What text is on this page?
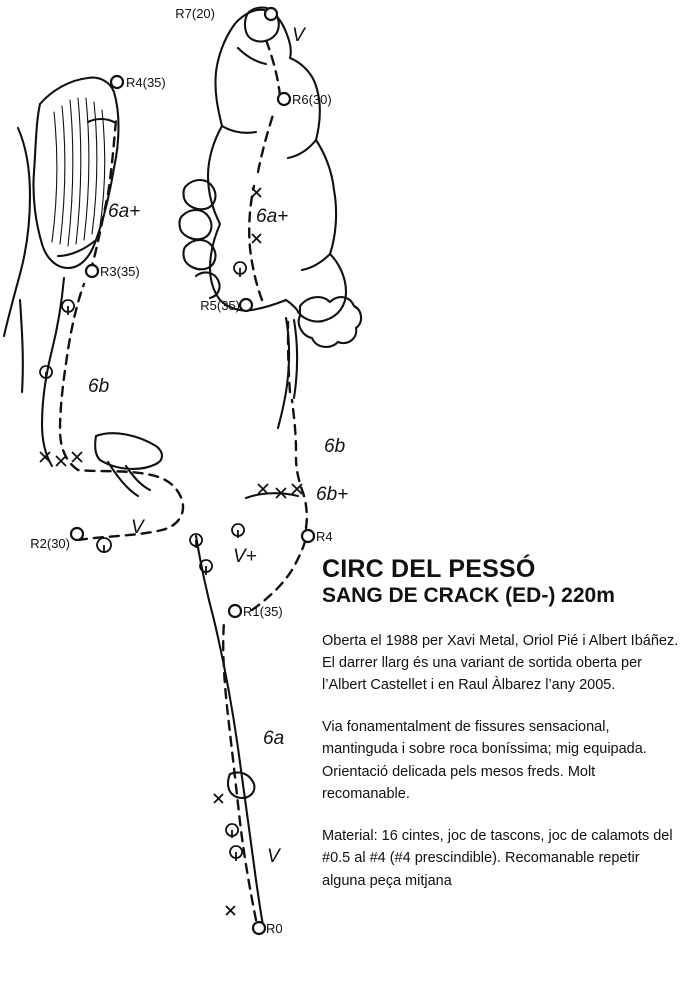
R7(20)
R4(35)
R6(30)
R3(35)
R5(35)
R4
R2(30)
R1(35)
R0
6a+	6a+
6b
6b
6b+
V
V
V+
6a
V
CIRC DEL PESSÓ
SANG DE CRACK (ED-) 220m

Oberta el 1988 per Xavi Metal, Oriol Pié i Albert Ibáñez. El darrer llarg és una variant de sortida oberta per l’Albert Castellet i en Raul Àlbarez l’any 2005.

Via fonamentalment de fissures sensacional, mantinguda i sobre roca boníssima; mig equipada. Orientació delicada pels mesos freds. Molt recomanable.

Material: 16 cintes, joc de tascons, joc de calamots del #0.5 al #4 (#4 prescindible). Recomanable repetir alguna peça mitjana
